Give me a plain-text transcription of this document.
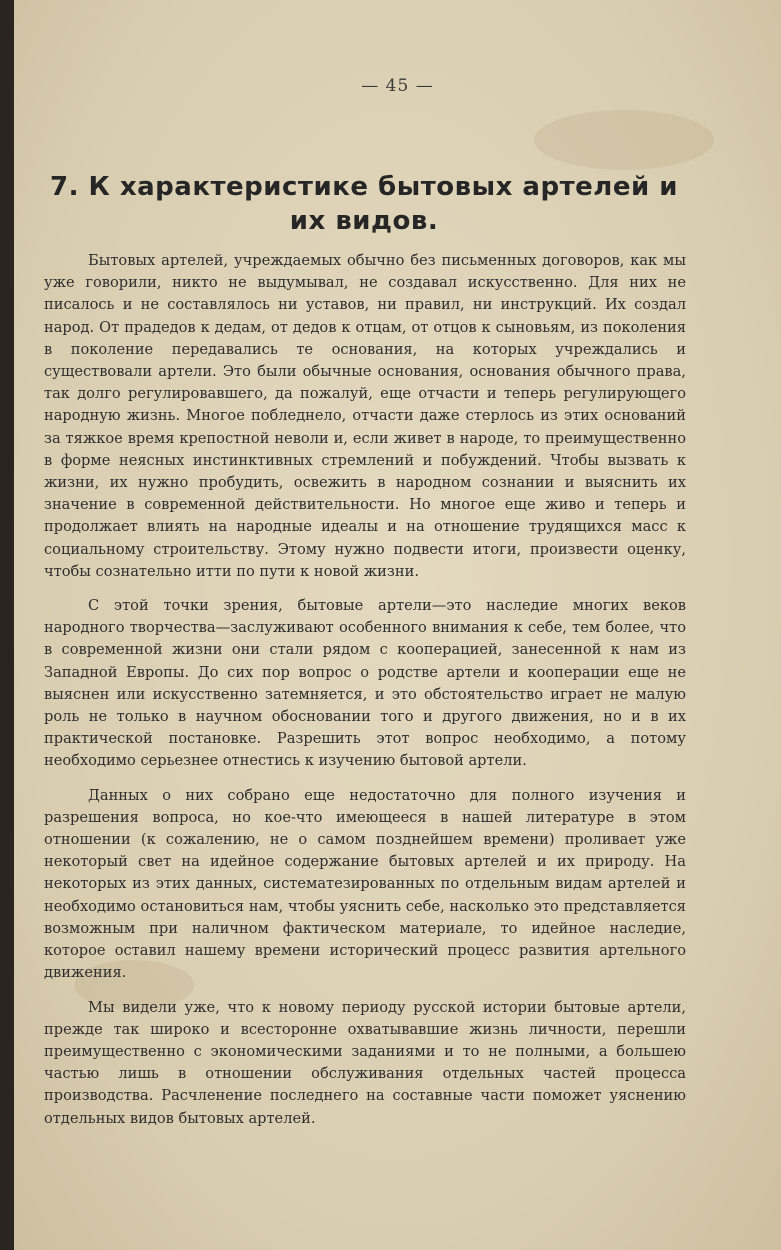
— 45 —
7. К характеристике бытовых артелей и их видов.

Бытовых артелей, учреждаемых обычно без письменных договоров, как мы уже говорили, никто не выдумывал, не создавал искусственно. Для них не писалось и не составлялось ни уставов, ни правил, ни инструкций. Их создал народ. От прадедов к дедам, от дедов к отцам, от отцов к сыновьям, из поколения в поколение передавались те основания, на которых учреждались и существовали артели. Это были обычные основания, основания обычного права, так долго регулировавшего, да пожалуй, еще отчасти и теперь регулирующего народную жизнь. Многое побледнело, отчасти даже стерлось из этих оснований за тяжкое время крепостной неволи и, если живет в народе, то преимущественно в форме неясных инстинктивных стремлений и побуждений. Чтобы вызвать к жизни, их нужно пробудить, освежить в народном сознании и выяснить их значение в современной действительности. Но многое еще живо и теперь и продолжает влиять на народные идеалы и на отношение трудящихся масс к социальному строительству. Этому нужно подвести итоги, произвести оценку, чтобы сознательно итти по пути к новой жизни.

С этой точки зрения, бытовые артели—это наследие многих веков народного творчества—заслуживают особенного внимания к себе, тем более, что в современной жизни они стали рядом с кооперацией, занесенной к нам из Западной Европы. До сих пор вопрос о родстве артели и кооперации еще не выяснен или искусственно затемняется, и это обстоятельство играет не малую роль не только в научном обосновании того и другого движения, но и в их практической постановке. Разрешить этот вопрос необходимо, а потому необходимо серьезнее отнестись к изучению бытовой артели.

Данных о них собрано еще недостаточно для полного изучения и разрешения вопроса, но кое-что имеющееся в нашей литературе в этом отношении (к сожалению, не о самом позднейшем времени) проливает уже некоторый свет на идейное содержание бытовых артелей и их природу. На некоторых из этих данных, систематезированных по отдельным видам артелей и необходимо остановиться нам, чтобы уяснить себе, насколько это представляется возможным при наличном фактическом материале, то идейное наследие, которое оставил нашему времени исторический процесс развития артельного движения.

Мы видели уже, что к новому периоду русской истории бытовые артели, прежде так широко и всесторонне охватывавшие жизнь личности, перешли преимущественно с экономическими заданиями и то не полными, а большею частью лишь в отношении обслуживания отдельных частей процесса производства. Расчленение последнего на составные части поможет уяснению отдельных видов бытовых артелей.
